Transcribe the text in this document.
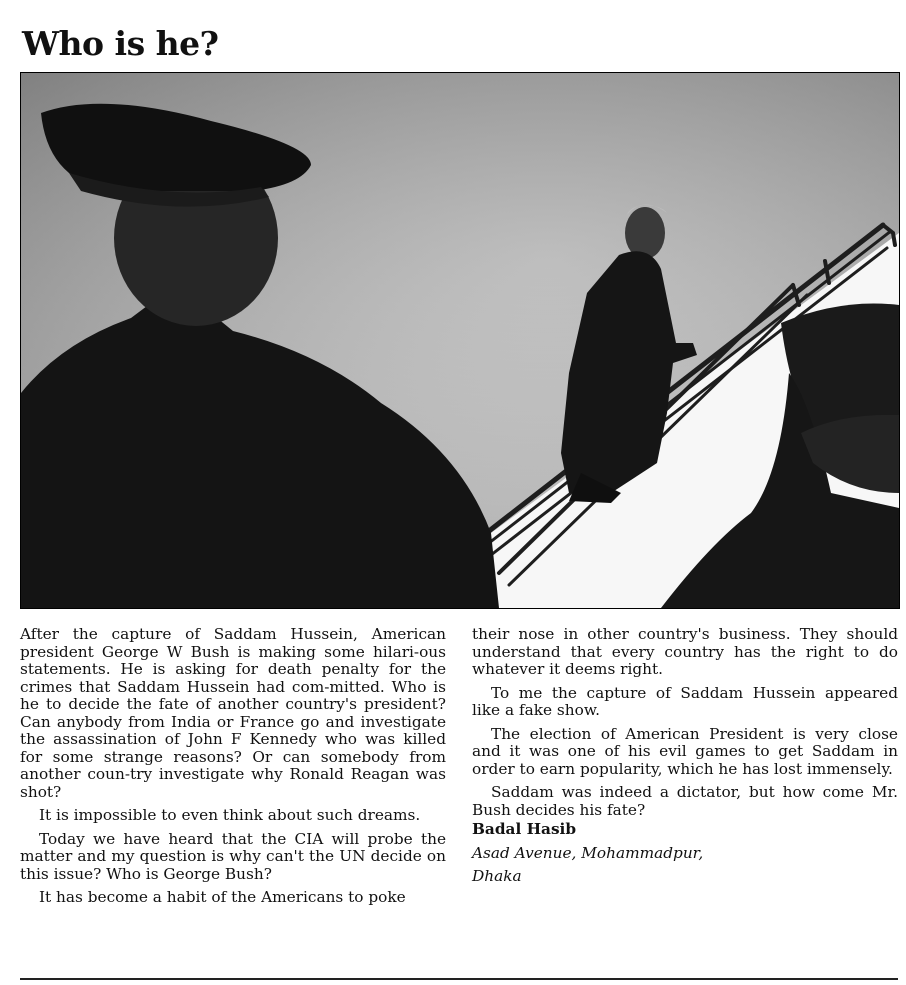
Who is he?

After the capture of Saddam Hussein, American president George W Bush is making some hilari-ous statements. He is asking for death penalty for the crimes that Saddam Hussein had com-mitted. Who is he to decide the fate of another country's president? Can anybody from India or France go and investigate the assassination of John F Kennedy who was killed for some strange reasons? Or can somebody from another coun-try investigate why Ronald Reagan was shot?

It is impossible to even think about such dreams.

Today we have heard that the CIA will probe the matter and my question is why can't the UN decide on this issue? Who is George Bush?

It has become a habit of the Americans to poke

their nose in other country's business. They should understand that every country has the right to do whatever it deems right.

To me the capture of Saddam Hussein appeared like a fake show.

The election of American President is very close and it was one of his evil games to get Saddam in order to earn popularity, which he has lost immensely.

Saddam was indeed a dictator, but how come Mr. Bush decides his fate?

Badal Hasib

Asad Avenue, Mohammadpur,

Dhaka
